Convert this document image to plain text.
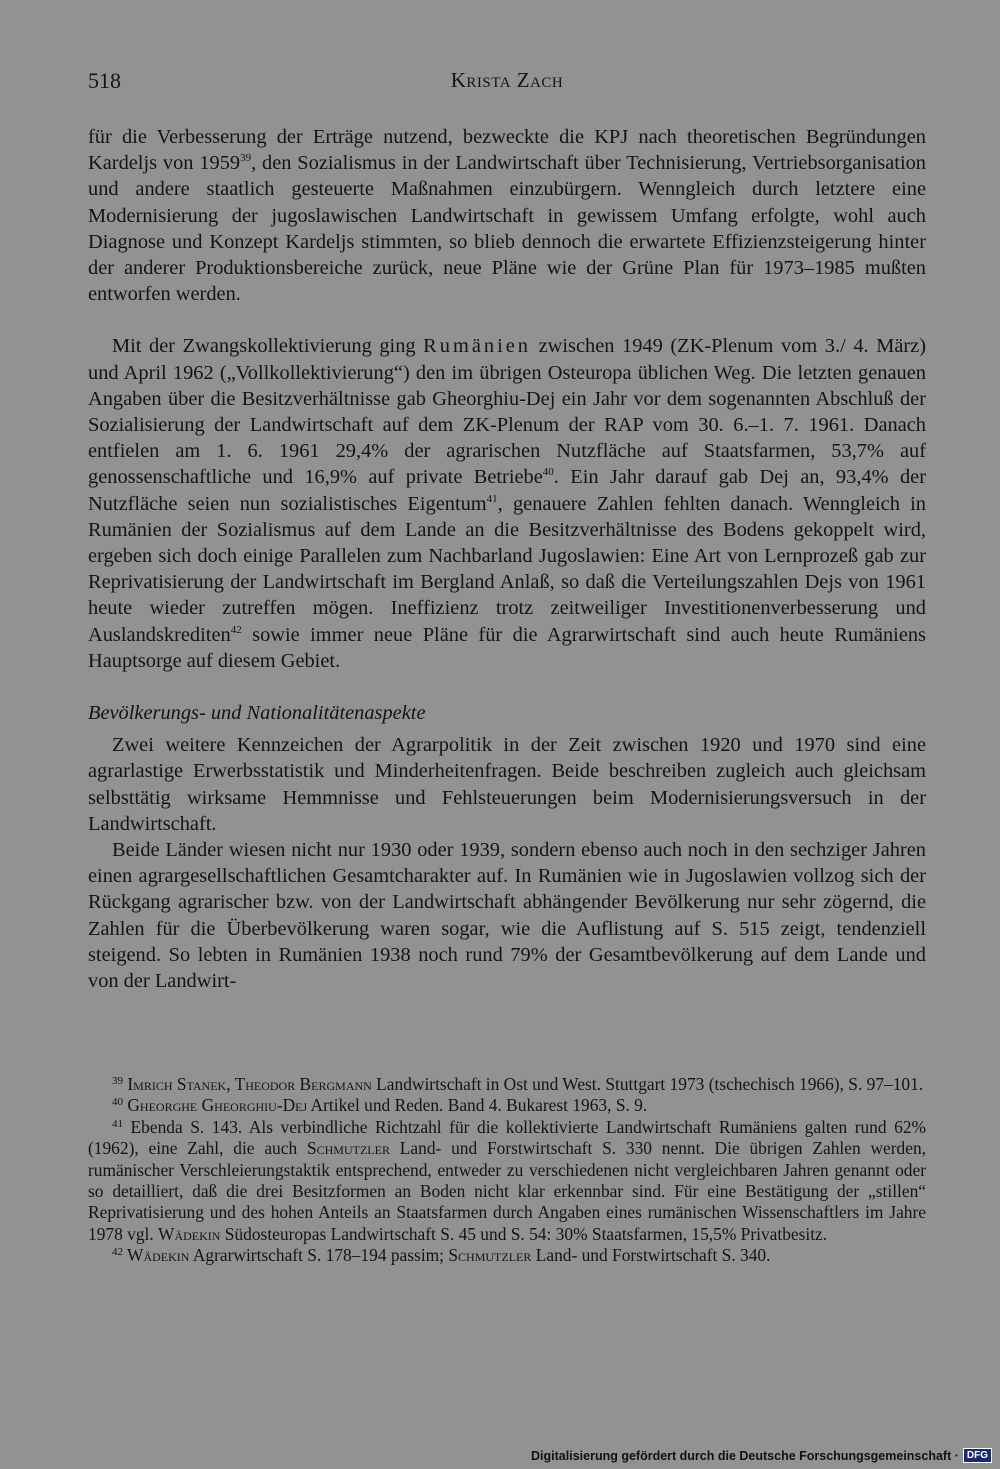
518	Krista Zach

für die Verbesserung der Erträge nutzend, bezweckte die KPJ nach theoretischen Begründungen Kardeljs von 1959$^{39}$, den Sozialismus in der Landwirtschaft über Technisierung, Vertriebsorganisation und andere staatlich gesteuerte Maßnahmen einzubürgern. Wenngleich durch letztere eine Modernisierung der jugoslawischen Landwirtschaft in gewissem Umfang erfolgte, wohl auch Diagnose und Konzept Kardeljs stimmten, so blieb dennoch die erwartete Effizienzsteigerung hinter der anderer Produktionsbereiche zurück, neue Pläne wie der Grüne Plan für 1973–1985 mußten entworfen werden.

Mit der Zwangskollektivierung ging Rumänien zwischen 1949 (ZK-Plenum vom 3./ 4. März) und April 1962 („Vollkollektivierung“) den im übrigen Osteuropa üblichen Weg. Die letzten genauen Angaben über die Besitzverhältnisse gab Gheorghiu-Dej ein Jahr vor dem sogenannten Abschluß der Sozialisierung der Landwirtschaft auf dem ZK-Plenum der RAP vom 30. 6.–1. 7. 1961. Danach entfielen am 1. 6. 1961 29,4% der agrarischen Nutzfläche auf Staatsfarmen, 53,7% auf genossenschaftliche und 16,9% auf private Betriebe$^{40}$. Ein Jahr darauf gab Dej an, 93,4% der Nutzfläche seien nun sozialistisches Eigentum$^{41}$, genauere Zahlen fehlten danach. Wenngleich in Rumänien der Sozialismus auf dem Lande an die Besitzverhältnisse des Bodens gekoppelt wird, ergeben sich doch einige Parallelen zum Nachbarland Jugoslawien: Eine Art von Lernprozeß gab zur Reprivatisierung der Landwirtschaft im Bergland Anlaß, so daß die Verteilungszahlen Dejs von 1961 heute wieder zutreffen mögen. Ineffizienz trotz zeitweiliger Investitionenverbesserung und Auslandskrediten$^{42}$ sowie immer neue Pläne für die Agrarwirtschaft sind auch heute Rumäniens Hauptsorge auf diesem Gebiet.

Bevölkerungs- und Nationalitätenaspekte

Zwei weitere Kennzeichen der Agrarpolitik in der Zeit zwischen 1920 und 1970 sind eine agrarlastige Erwerbsstatistik und Minderheitenfragen. Beide beschreiben zugleich auch gleichsam selbsttätig wirksame Hemmnisse und Fehlsteuerungen beim Modernisierungsversuch in der Landwirtschaft.

Beide Länder wiesen nicht nur 1930 oder 1939, sondern ebenso auch noch in den sechziger Jahren einen agrargesellschaftlichen Gesamtcharakter auf. In Rumänien wie in Jugoslawien vollzog sich der Rückgang agrarischer bzw. von der Landwirtschaft abhängender Bevölkerung nur sehr zögernd, die Zahlen für die Überbevölkerung waren sogar, wie die Auflistung auf S. 515 zeigt, tendenziell steigend. So lebten in Rumänien 1938 noch rund 79% der Gesamtbevölkerung auf dem Lande und von der Landwirt-

$^{39}$ Imrich Stanek, Theodor Bergmann Landwirtschaft in Ost und West. Stuttgart 1973 (tschechisch 1966), S. 97–101.

$^{40}$ Gheorghe Gheorghiu-Dej Artikel und Reden. Band 4. Bukarest 1963, S. 9.

$^{41}$ Ebenda S. 143. Als verbindliche Richtzahl für die kollektivierte Landwirtschaft Rumäniens galten rund 62% (1962), eine Zahl, die auch Schmutzler Land- und Forstwirtschaft S. 330 nennt. Die übrigen Zahlen werden, rumänischer Verschleierungstaktik entsprechend, entweder zu verschiedenen nicht vergleichbaren Jahren genannt oder so detailliert, daß die drei Besitzformen an Boden nicht klar erkennbar sind. Für eine Bestätigung der „stillen“ Reprivatisierung und des hohen Anteils an Staatsfarmen durch Angaben eines rumänischen Wissenschaftlers im Jahre 1978 vgl. Wädekin Südosteuropas Landwirtschaft S. 45 und S. 54: 30% Staatsfarmen, 15,5% Privatbesitz.

$^{42}$ Wädekin Agrarwirtschaft S. 178–194 passim; Schmutzler Land- und Forstwirtschaft S. 340.

Digitalisierung gefördert durch die Deutsche Forschungsgemeinschaft · DFG
